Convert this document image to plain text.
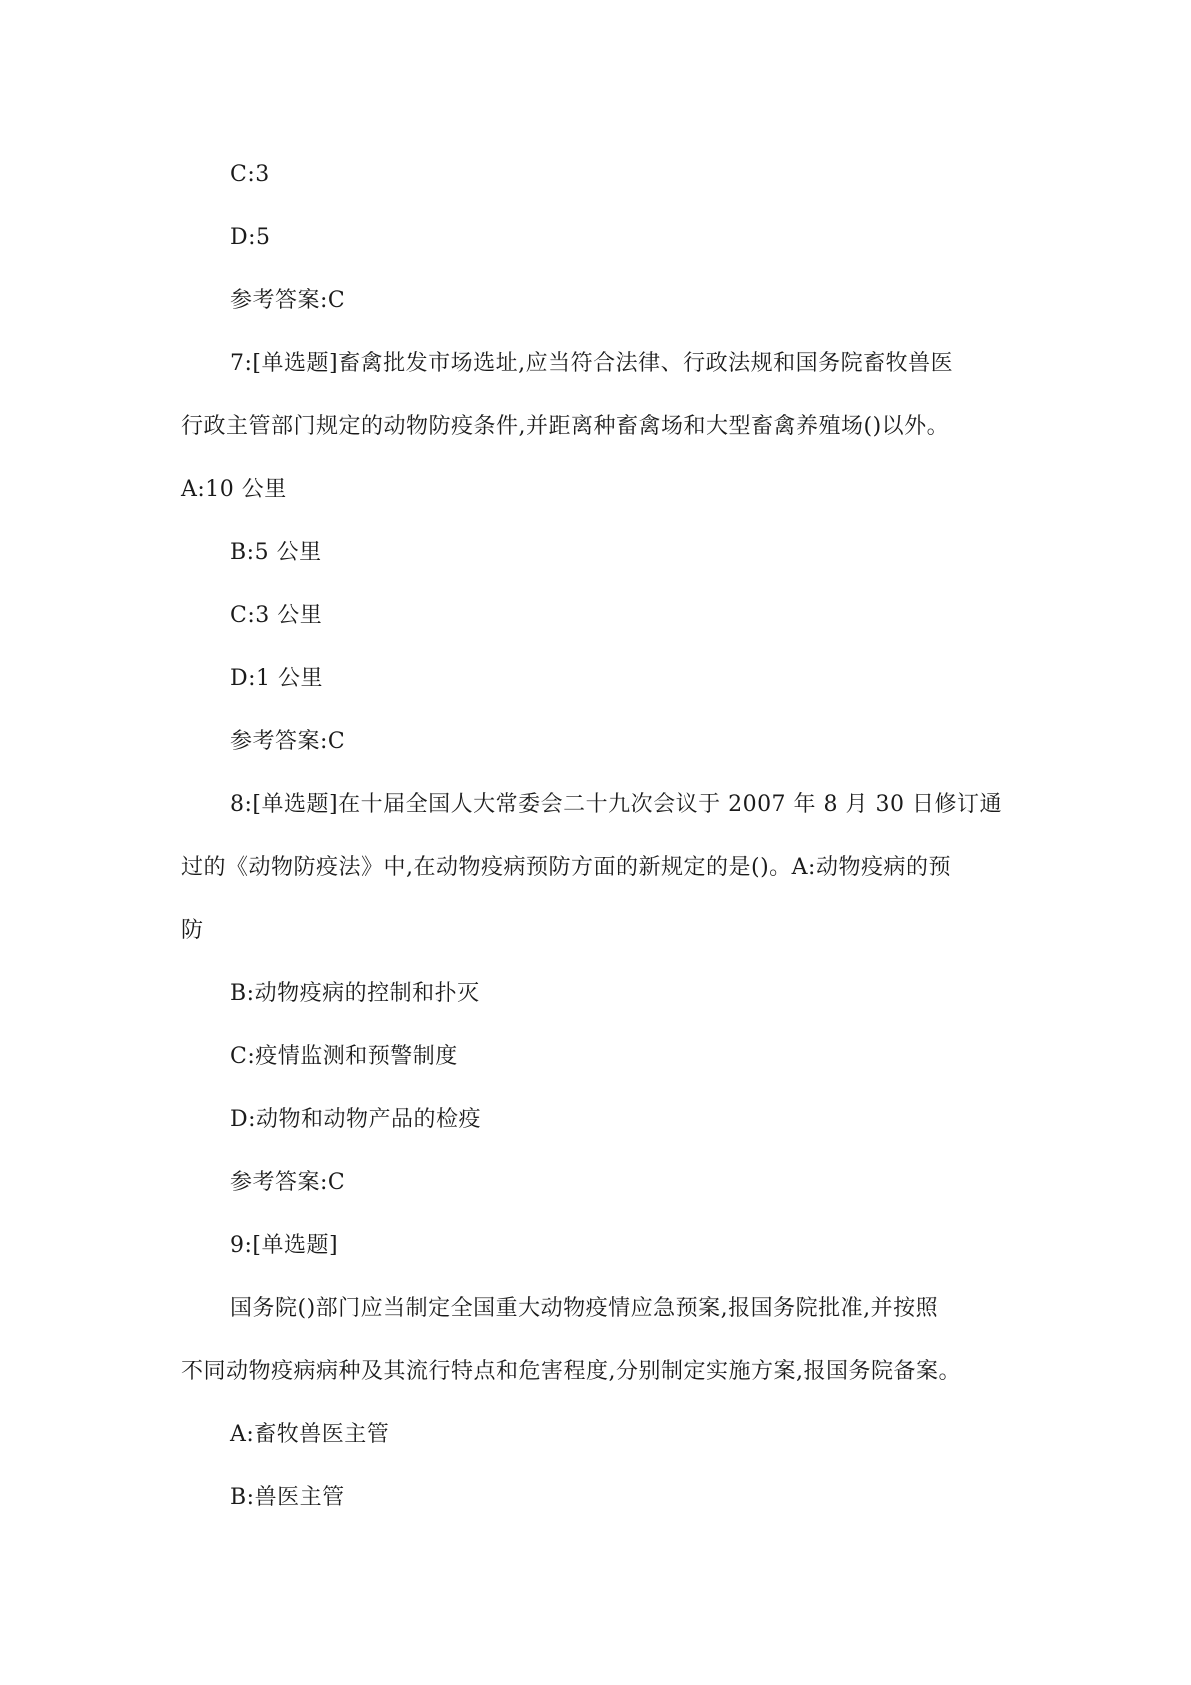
C:3
D:5
参考答案:C
7:[单选题]畜禽批发市场选址,应当符合法律、行政法规和国务院畜牧兽医
行政主管部门规定的动物防疫条件,并距离种畜禽场和大型畜禽养殖场()以外。
A:10 公里
B:5 公里
C:3 公里
D:1 公里
参考答案:C
8:[单选题]在十届全国人大常委会二十九次会议于 2007 年 8 月 30 日修订通
过的《动物防疫法》中,在动物疫病预防方面的新规定的是()。A:动物疫病的预
防
B:动物疫病的控制和扑灭
C:疫情监测和预警制度
D:动物和动物产品的检疫
参考答案:C
9:[单选题]
国务院()部门应当制定全国重大动物疫情应急预案,报国务院批准,并按照
不同动物疫病病种及其流行特点和危害程度,分别制定实施方案,报国务院备案。
A:畜牧兽医主管
B:兽医主管
